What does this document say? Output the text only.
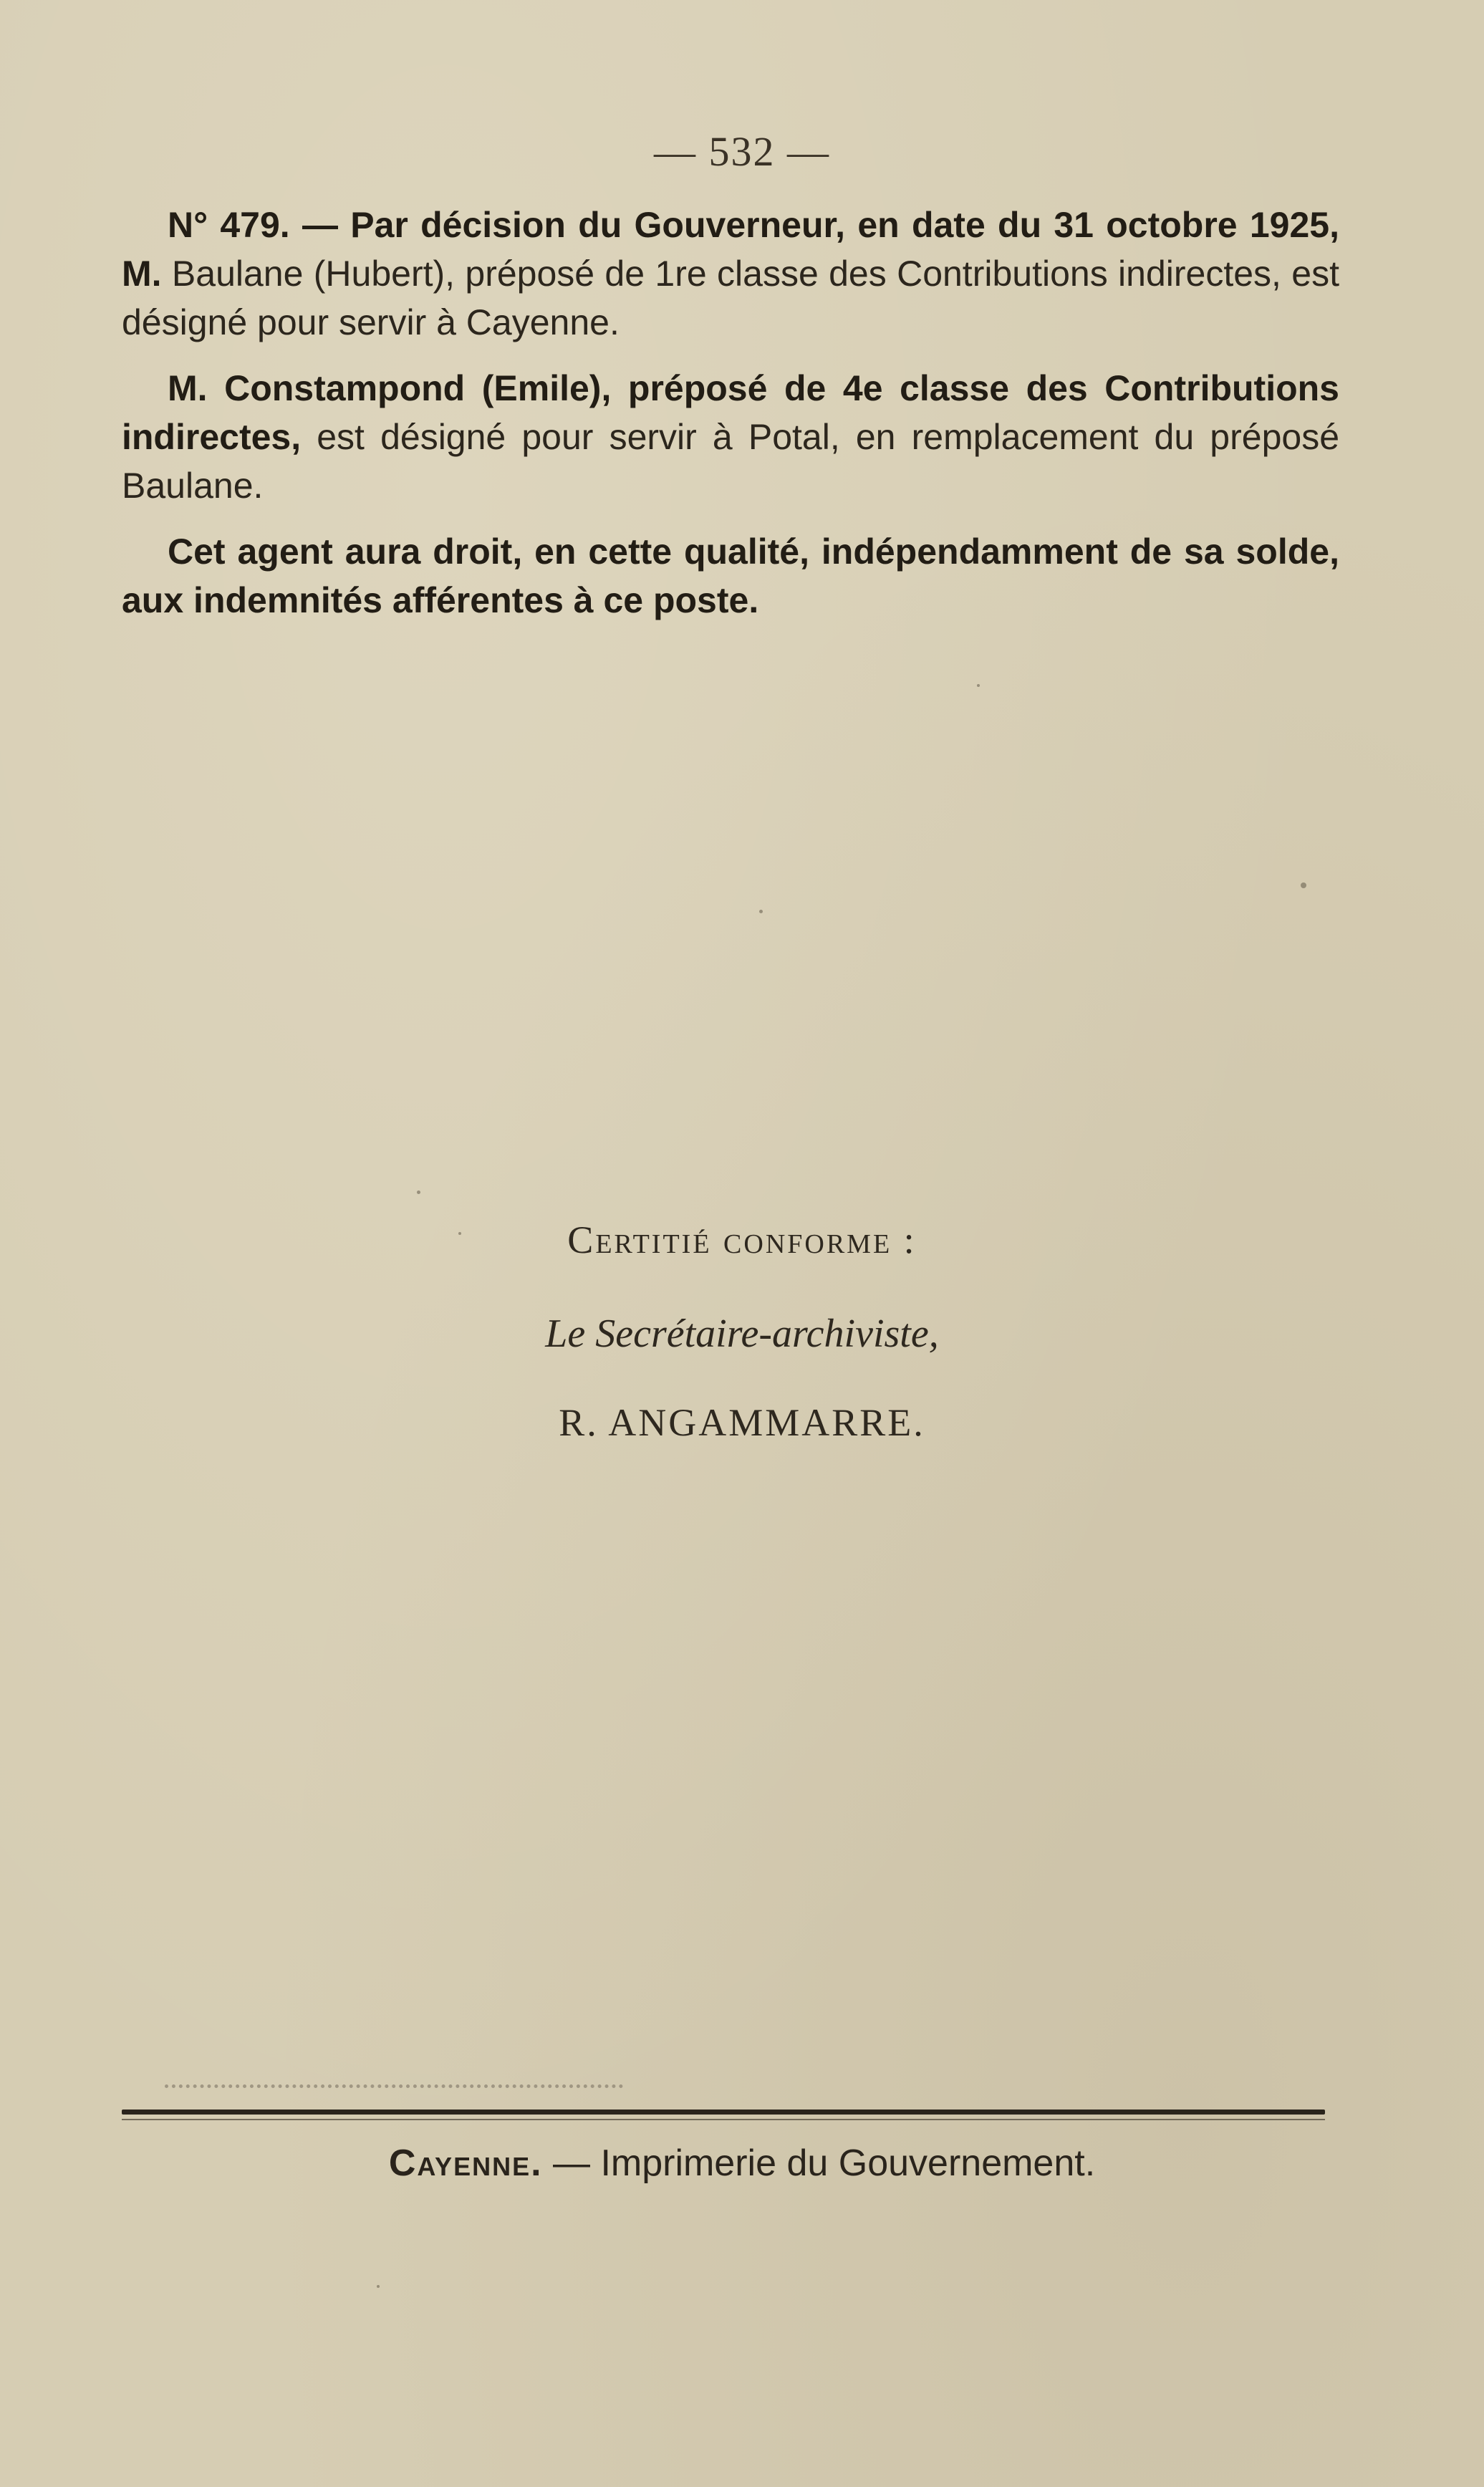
— 532 —

N° 479. — Par décision du Gouverneur, en date du 31 octobre 1925, M. Baulane (Hubert), préposé de 1re classe des Contributions indirectes, est désigné pour servir à Cayenne.

M. Constampond (Emile), préposé de 4e classe des Contributions indirectes, est désigné pour servir à Potal, en remplacement du préposé Baulane.

Cet agent aura droit, en cette qualité, indépendamment de sa solde, aux indemnités afférentes à ce poste.

Certitié conforme :
Le Secrétaire-archiviste,
R. ANGAMMARRE.
Cayenne. — Imprimerie du Gouvernement.
